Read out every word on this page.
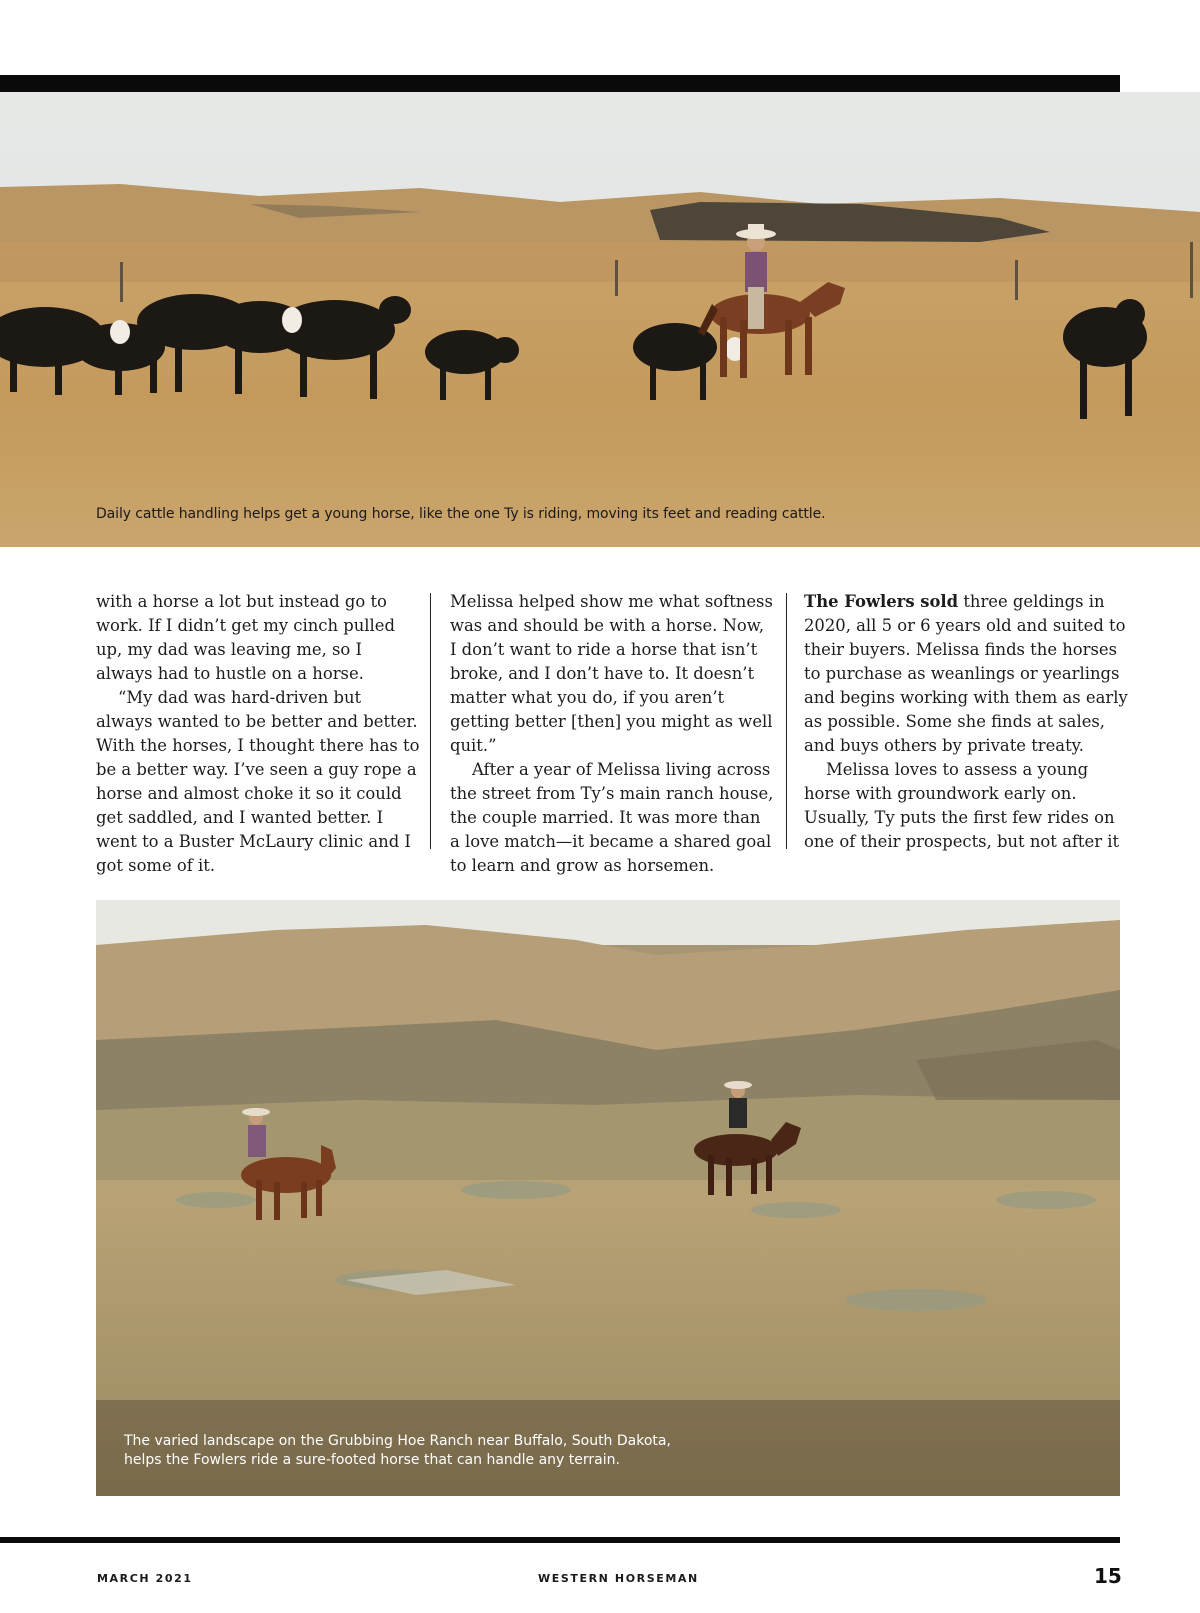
Daily cattle handling helps get a young horse, like the one Ty is riding, moving its feet and reading cattle.

with a horse a lot but instead go to work. If I didn’t get my cinch pulled up, my dad was leaving me, so I always had to hustle on a horse.

“My dad was hard-driven but always wanted to be better and better. With the horses, I thought there has to be a better way. I’ve seen a guy rope a horse and almost choke it so it could get saddled, and I wanted better. I went to a Buster McLaury clinic and I got some of it.

Melissa helped show me what softness was and should be with a horse. Now, I don’t want to ride a horse that isn’t broke, and I don’t have to. It doesn’t matter what you do, if you aren’t getting better [then] you might as well quit.”

After a year of Melissa living across the street from Ty’s main ranch house, the couple married. It was more than a love match—it became a shared goal to learn and grow as horsemen.

The Fowlers sold three geldings in 2020, all 5 or 6 years old and suited to their buyers. Melissa finds the horses to purchase as weanlings or yearlings and begins working with them as early as possible. Some she finds at sales, and buys others by private treaty.

Melissa loves to assess a young horse with groundwork early on. Usually, Ty puts the first few rides on one of their prospects, but not after it

The varied landscape on the Grubbing Hoe Ranch near Buffalo, South Dakota,
helps the Fowlers ride a sure-footed horse that can handle any terrain.
MARCH 2021	WESTERN HORSEMAN	15
